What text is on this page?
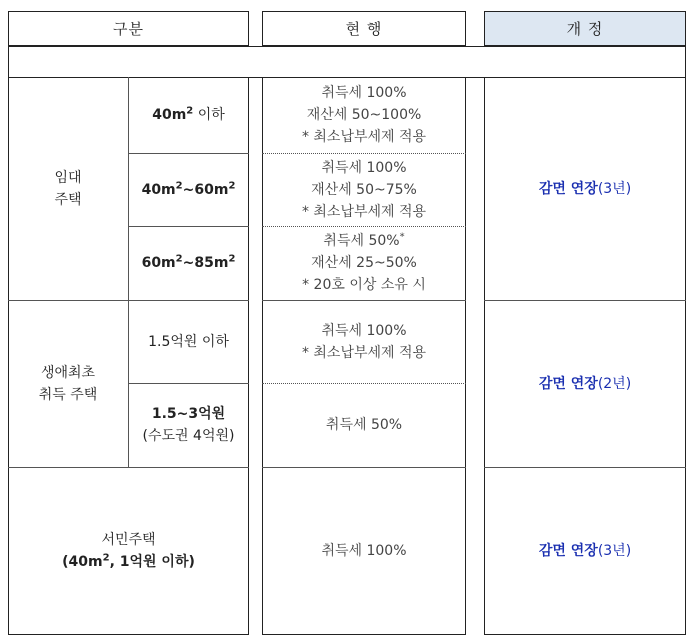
구분	현 행	개 정
임대
주택
생애최초
취득 주택
서민주택
($40m^2$, 1억원 이하)
$40m^2$ 이하
$40m^2\sim 60m^2$
$60m^2\sim 85m^2$
1.5억원 이하
1.5~3억원
(수도권 4억원)
취득세 100%
재산세 50~100%
* 최소납부세제 적용
취득세 100%
재산세 50~75%
* 최소납부세제 적용
취득세 50%*
재산세 25~50%
* 20호 이상 소유 시
취득세 100%
* 최소납부세제 적용
취득세 50%
취득세 100%
감면 연장(3년)
감면 연장(2년)
감면 연장(3년)
